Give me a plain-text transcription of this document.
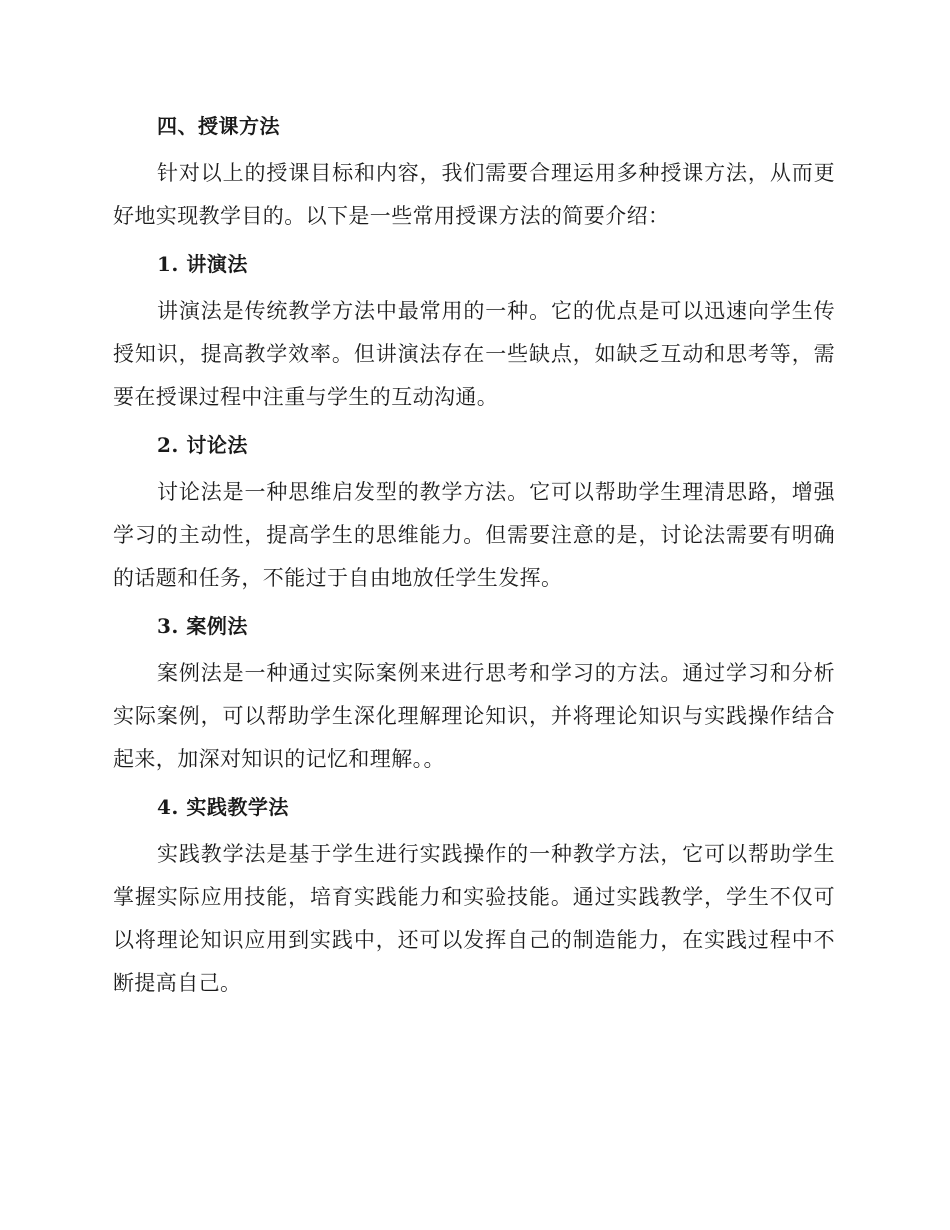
四、授课方法

针对以上的授课目标和内容，我们需要合理运用多种授课方法，从而更好地实现教学目的。以下是一些常用授课方法的简要介绍：

1. 讲演法

讲演法是传统教学方法中最常用的一种。它的优点是可以迅速向学生传授知识，提高教学效率。但讲演法存在一些缺点，如缺乏互动和思考等，需要在授课过程中注重与学生的互动沟通。

2. 讨论法

讨论法是一种思维启发型的教学方法。它可以帮助学生理清思路，增强学习的主动性，提高学生的思维能力。但需要注意的是，讨论法需要有明确的话题和任务，不能过于自由地放任学生发挥。

3. 案例法

案例法是一种通过实际案例来进行思考和学习的方法。通过学习和分析实际案例，可以帮助学生深化理解理论知识，并将理论知识与实践操作结合起来，加深对知识的记忆和理解。。

4. 实践教学法

实践教学法是基于学生进行实践操作的一种教学方法，它可以帮助学生掌握实际应用技能，培育实践能力和实验技能。通过实践教学，学生不仅可以将理论知识应用到实践中，还可以发挥自己的制造能力，在实践过程中不断提高自己。
